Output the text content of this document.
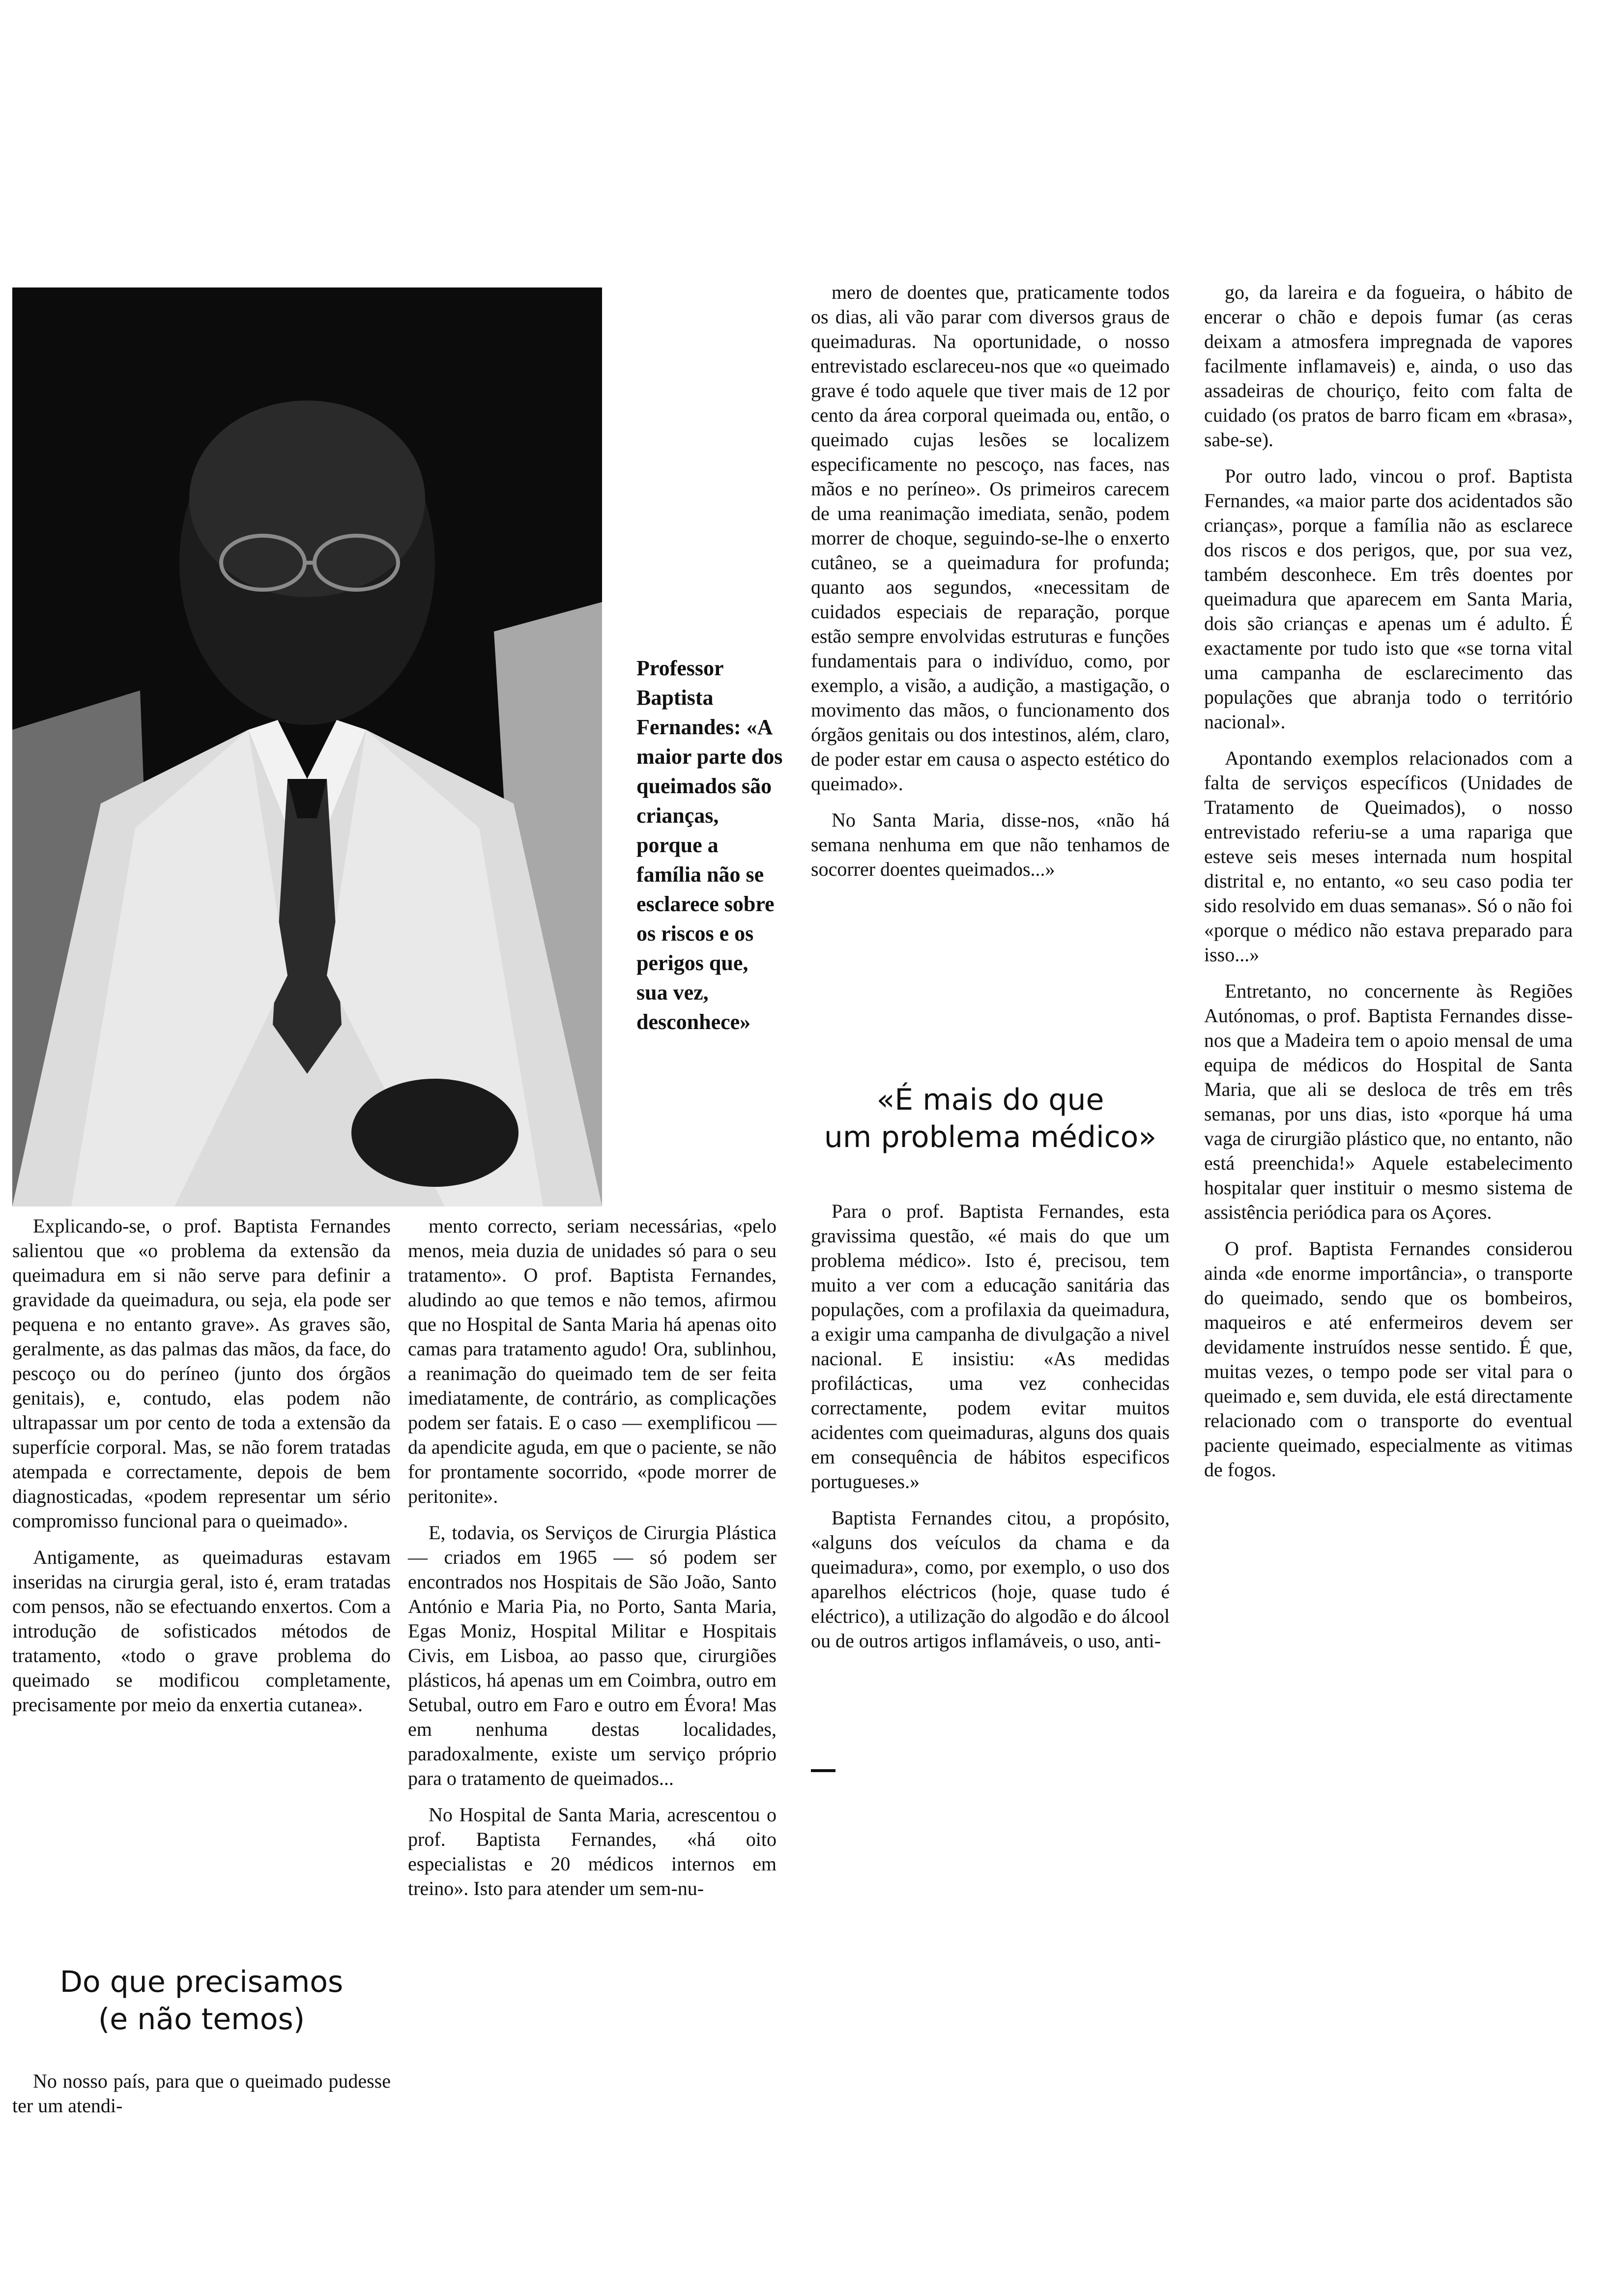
Professor Baptista Fernandes: «A maior parte dos queimados são crianças, porque a família não se esclarece sobre os riscos e os perigos que, sua vez, desconhece»

Explicando-se, o prof. Baptista Fernandes salientou que «o problema da extensão da queimadura em si não serve para definir a gravidade da queimadura, ou seja, ela pode ser pequena e no entanto grave». As graves são, geralmente, as das palmas das mãos, da face, do pescoço ou do períneo (junto dos órgãos genitais), e, contudo, elas podem não ultrapassar um por cento de toda a extensão da superfície corporal. Mas, se não forem tratadas atempada e correctamente, depois de bem diagnosticadas, «podem representar um sério compromisso funcional para o queimado».

Antigamente, as queimaduras estavam inseridas na cirurgia geral, isto é, eram tratadas com pensos, não se efectuando enxertos. Com a introdução de sofisticados métodos de tratamento, «todo o grave problema do queimado se modificou completamente, precisamente por meio da enxertia cutanea».

Do que precisamos
(e não temos)

No nosso país, para que o queimado pudesse ter um atendi-

mento correcto, seriam necessárias, «pelo menos, meia duzia de unidades só para o seu tratamento». O prof. Baptista Fernandes, aludindo ao que temos e não temos, afirmou que no Hospital de Santa Maria há apenas oito camas para tratamento agudo! Ora, sublinhou, a reanimação do queimado tem de ser feita imediatamente, de contrário, as complicações podem ser fatais. E o caso — exemplificou — da apendicite aguda, em que o paciente, se não for prontamente socorrido, «pode morrer de peritonite».

E, todavia, os Serviços de Cirurgia Plástica — criados em 1965 — só podem ser encontrados nos Hospitais de São João, Santo António e Maria Pia, no Porto, Santa Maria, Egas Moniz, Hospital Militar e Hospitais Civis, em Lisboa, ao passo que, cirurgiões plásticos, há apenas um em Coimbra, outro em Setubal, outro em Faro e outro em Évora! Mas em nenhuma destas localidades, paradoxalmente, existe um serviço próprio para o tratamento de queimados...

No Hospital de Santa Maria, acrescentou o prof. Baptista Fernandes, «há oito especialistas e 20 médicos internos em treino». Isto para atender um sem-nu-

mero de doentes que, praticamente todos os dias, ali vão parar com diversos graus de queimaduras. Na oportunidade, o nosso entrevistado esclareceu-nos que «o queimado grave é todo aquele que tiver mais de 12 por cento da área corporal queimada ou, então, o queimado cujas lesões se localizem especificamente no pescoço, nas faces, nas mãos e no períneo». Os primeiros carecem de uma reanimação imediata, senão, podem morrer de choque, seguindo-se-lhe o enxerto cutâneo, se a queimadura for profunda; quanto aos segundos, «necessitam de cuidados especiais de reparação, porque estão sempre envolvidas estruturas e funções fundamentais para o indivíduo, como, por exemplo, a visão, a audição, a mastigação, o movimento das mãos, o funcionamento dos órgãos genitais ou dos intestinos, além, claro, de poder estar em causa o aspecto estético do queimado».

No Santa Maria, disse-nos, «não há semana nenhuma em que não tenhamos de socorrer doentes queimados...»

«É mais do que
um problema médico»

Para o prof. Baptista Fernandes, esta gravissima questão, «é mais do que um problema médico». Isto é, precisou, tem muito a ver com a educação sanitária das populações, com a profilaxia da queimadura, a exigir uma campanha de divulgação a nivel nacional. E insistiu: «As medidas profilácticas, uma vez conhecidas correctamente, podem evitar muitos acidentes com queimaduras, alguns dos quais em consequência de hábitos especificos portugueses.»

Baptista Fernandes citou, a propósito, «alguns dos veículos da chama e da queimadura», como, por exemplo, o uso dos aparelhos eléctricos (hoje, quase tudo é eléctrico), a utilização do algodão e do álcool ou de outros artigos inflamáveis, o uso, anti-

go, da lareira e da fogueira, o hábito de encerar o chão e depois fumar (as ceras deixam a atmosfera impregnada de vapores facilmente inflamaveis) e, ainda, o uso das assadeiras de chouriço, feito com falta de cuidado (os pratos de barro ficam em «brasa», sabe-se).

Por outro lado, vincou o prof. Baptista Fernandes, «a maior parte dos acidentados são crianças», porque a família não as esclarece dos riscos e dos perigos, que, por sua vez, também desconhece. Em três doentes por queimadura que aparecem em Santa Maria, dois são crianças e apenas um é adulto. É exactamente por tudo isto que «se torna vital uma campanha de esclarecimento das populações que abranja todo o território nacional».

Apontando exemplos relacionados com a falta de serviços específicos (Unidades de Tratamento de Queimados), o nosso entrevistado referiu-se a uma rapariga que esteve seis meses internada num hospital distrital e, no entanto, «o seu caso podia ter sido resolvido em duas semanas». Só o não foi «porque o médico não estava preparado para isso...»

Entretanto, no concernente às Regiões Autónomas, o prof. Baptista Fernandes disse-nos que a Madeira tem o apoio mensal de uma equipa de médicos do Hospital de Santa Maria, que ali se desloca de três em três semanas, por uns dias, isto «porque há uma vaga de cirurgião plástico que, no entanto, não está preenchida!» Aquele estabelecimento hospitalar quer instituir o mesmo sistema de assistência periódica para os Açores.

O prof. Baptista Fernandes considerou ainda «de enorme importância», o transporte do queimado, sendo que os bombeiros, maqueiros e até enfermeiros devem ser devidamente instruídos nesse sentido. É que, muitas vezes, o tempo pode ser vital para o queimado e, sem duvida, ele está directamente relacionado com o transporte do eventual paciente queimado, especialmente as vitimas de fogos.
